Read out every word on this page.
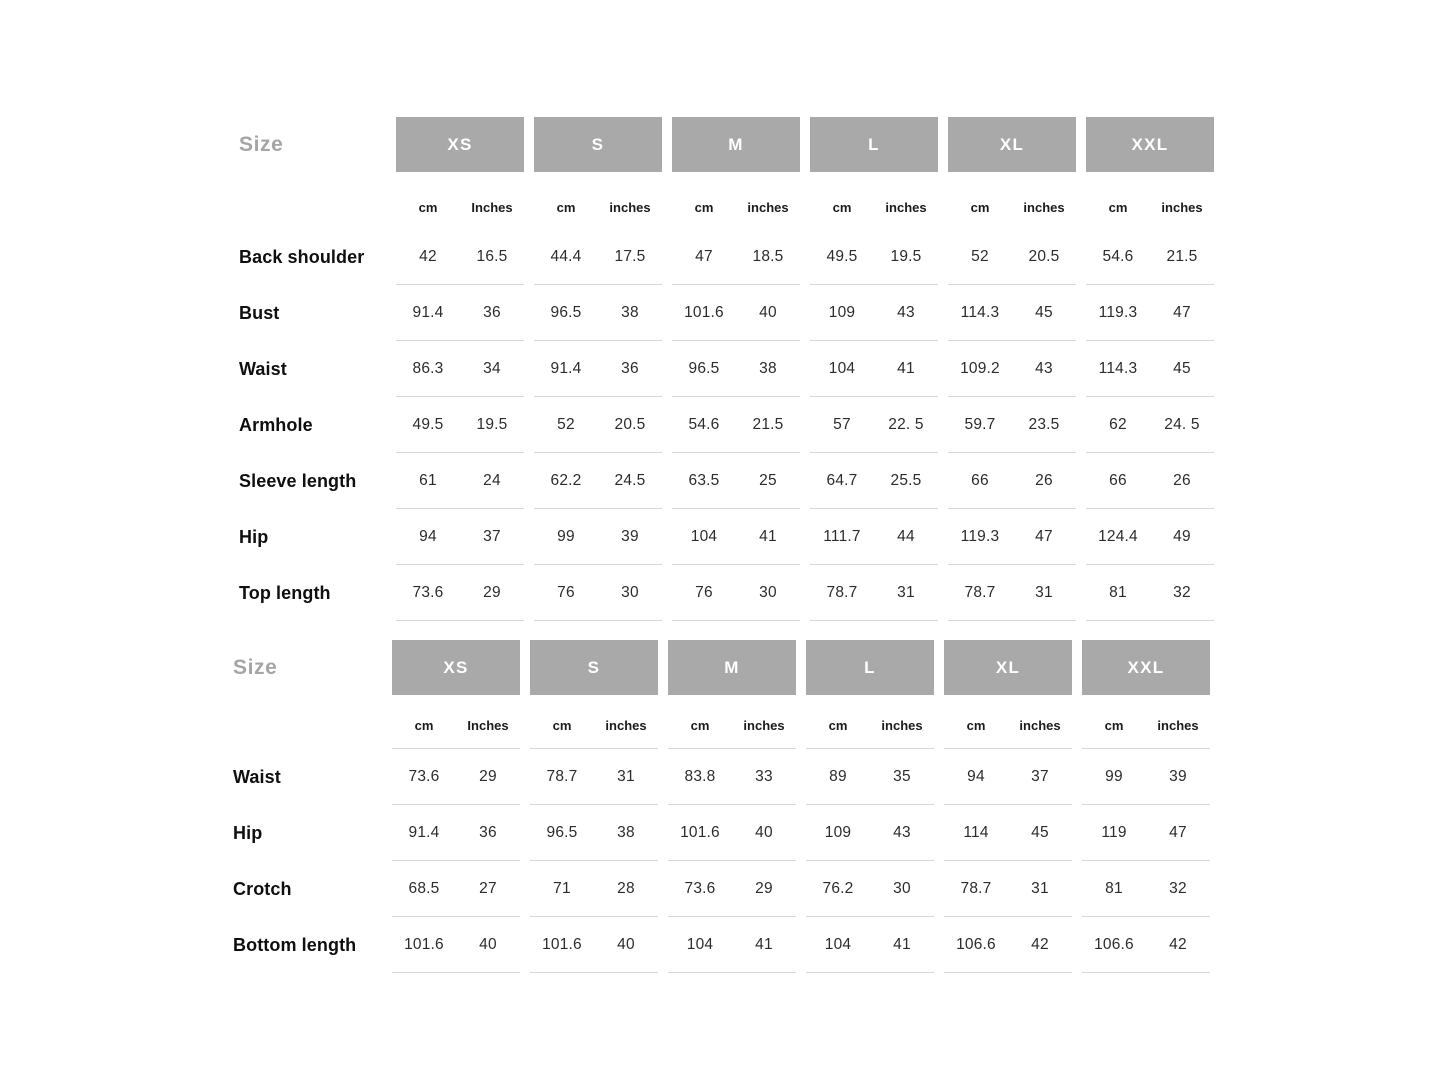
Size	XS	S	M	L	XL	XXL
cm	Inches	cm	inches	cm	inches	cm	inches	cm	inches	cm	inches
Back shoulder	42	16.5	44.4	17.5	47	18.5	49.5	19.5	52	20.5	54.6	21.5
Bust	91.4	36	96.5	38	101.6	40	109	43	114.3	45	119.3	47
Waist	86.3	34	91.4	36	96.5	38	104	41	109.2	43	114.3	45
Armhole	49.5	19.5	52	20.5	54.6	21.5	57	22. 5	59.7	23.5	62	24. 5
Sleeve length	61	24	62.2	24.5	63.5	25	64.7	25.5	66	26	66	26
Hip	94	37	99	39	104	41	111.7	44	119.3	47	124.4	49
Top length	73.6	29	76	30	76	30	78.7	31	78.7	31	81	32
Size	XS	S	M	L	XL	XXL
cm	Inches	cm	inches	cm	inches	cm	inches	cm	inches	cm	inches
Waist	73.6	29	78.7	31	83.8	33	89	35	94	37	99	39
Hip	91.4	36	96.5	38	101.6	40	109	43	114	45	119	47
Crotch	68.5	27	71	28	73.6	29	76.2	30	78.7	31	81	32
Bottom length	101.6	40	101.6	40	104	41	104	41	106.6	42	106.6	42
